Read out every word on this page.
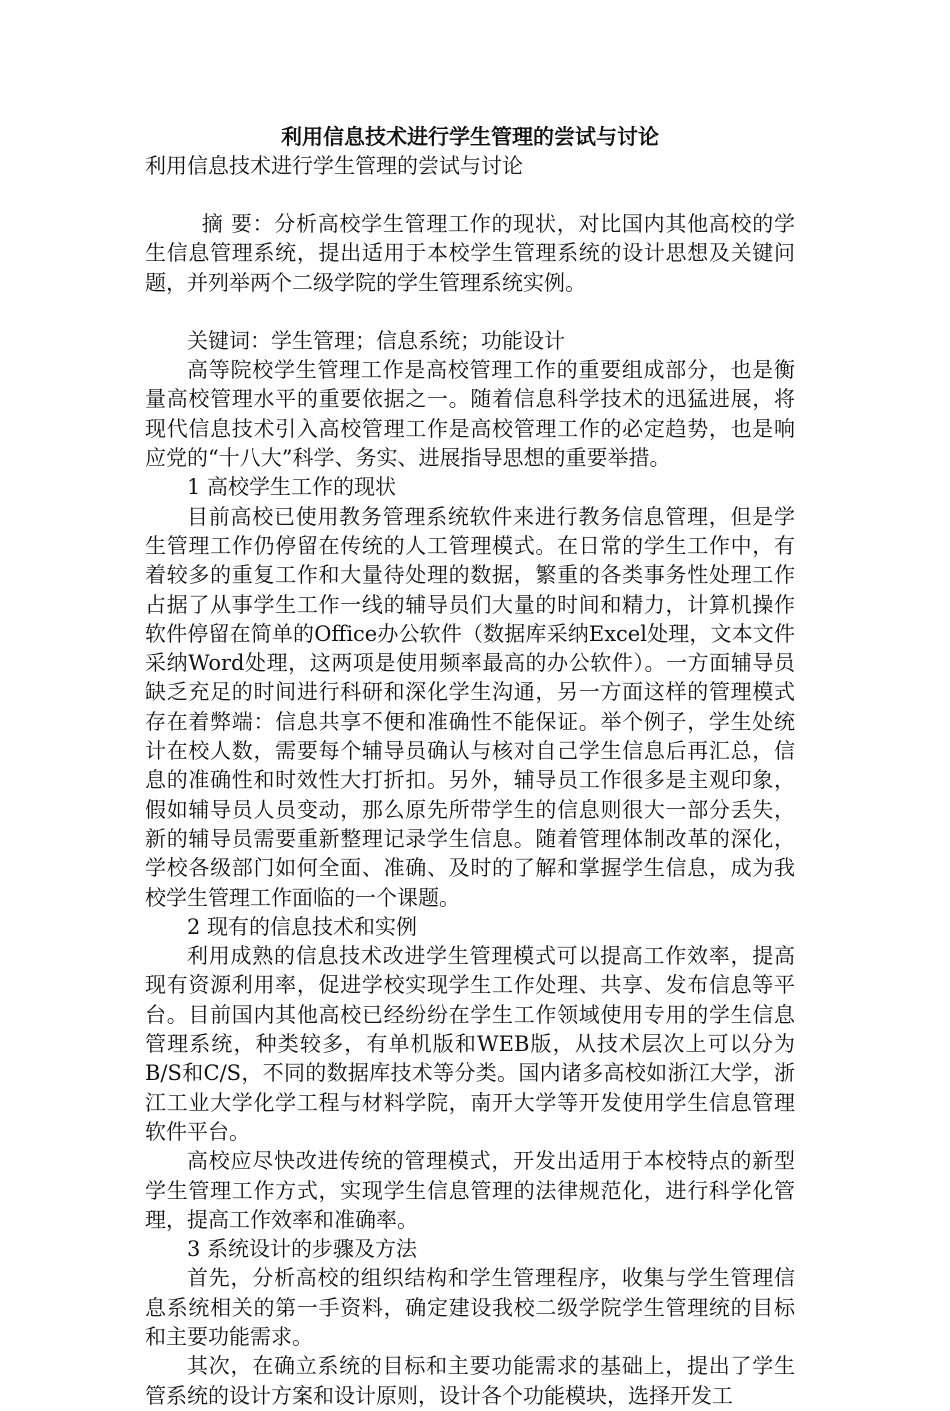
利用信息技术进行学生管理的尝试与讨论

利用信息技术进行学生管理的尝试与讨论

摘 要：分析高校学生管理工作的现状，对比国内其他高校的学生信息管理系统，提出适用于本校学生管理系统的设计思想及关键问题，并列举两个二级学院的学生管理系统实例。

关键词：学生管理；信息系统；功能设计

高等院校学生管理工作是高校管理工作的重要组成部分，也是衡量高校管理水平的重要依据之一。随着信息科学技术的迅猛进展，将现代信息技术引入高校管理工作是高校管理工作的必定趋势，也是响应党的“十八大”科学、务实、进展指导思想的重要举措。

1 高校学生工作的现状

目前高校已使用教务管理系统软件来进行教务信息管理，但是学生管理工作仍停留在传统的人工管理模式。在日常的学生工作中，有着较多的重复工作和大量待处理的数据，繁重的各类事务性处理工作占据了从事学生工作一线的辅导员们大量的时间和精力，计算机操作软件停留在简单的Office办公软件（数据库采纳Excel处理，文本文件采纳Word处理，这两项是使用频率最高的办公软件）。一方面辅导员缺乏充足的时间进行科研和深化学生沟通，另一方面这样的管理模式存在着弊端：信息共享不便和准确性不能保证。举个例子，学生处统计在校人数，需要每个辅导员确认与核对自己学生信息后再汇总，信息的准确性和时效性大打折扣。另外，辅导员工作很多是主观印象，假如辅导员人员变动，那么原先所带学生的信息则很大一部分丢失，新的辅导员需要重新整理记录学生信息。随着管理体制改革的深化，学校各级部门如何全面、准确、及时的了解和掌握学生信息，成为我校学生管理工作面临的一个课题。

2 现有的信息技术和实例

利用成熟的信息技术改进学生管理模式可以提高工作效率，提高现有资源利用率，促进学校实现学生工作处理、共享、发布信息等平台。目前国内其他高校已经纷纷在学生工作领域使用专用的学生信息管理系统，种类较多，有单机版和WEB版，从技术层次上可以分为B/S和C/S，不同的数据库技术等分类。国内诸多高校如浙江大学，浙江工业大学化学工程与材料学院，南开大学等开发使用学生信息管理软件平台。

高校应尽快改进传统的管理模式，开发出适用于本校特点的新型学生管理工作方式，实现学生信息管理的法律规范化，进行科学化管理，提高工作效率和准确率。

3 系统设计的步骤及方法

首先，分析高校的组织结构和学生管理程序，收集与学生管理信息系统相关的第一手资料，确定建设我校二级学院学生管理统的目标和主要功能需求。

其次，在确立系统的目标和主要功能需求的基础上，提出了学生管系统的设计方案和设计原则，设计各个功能模块，选择开发工
